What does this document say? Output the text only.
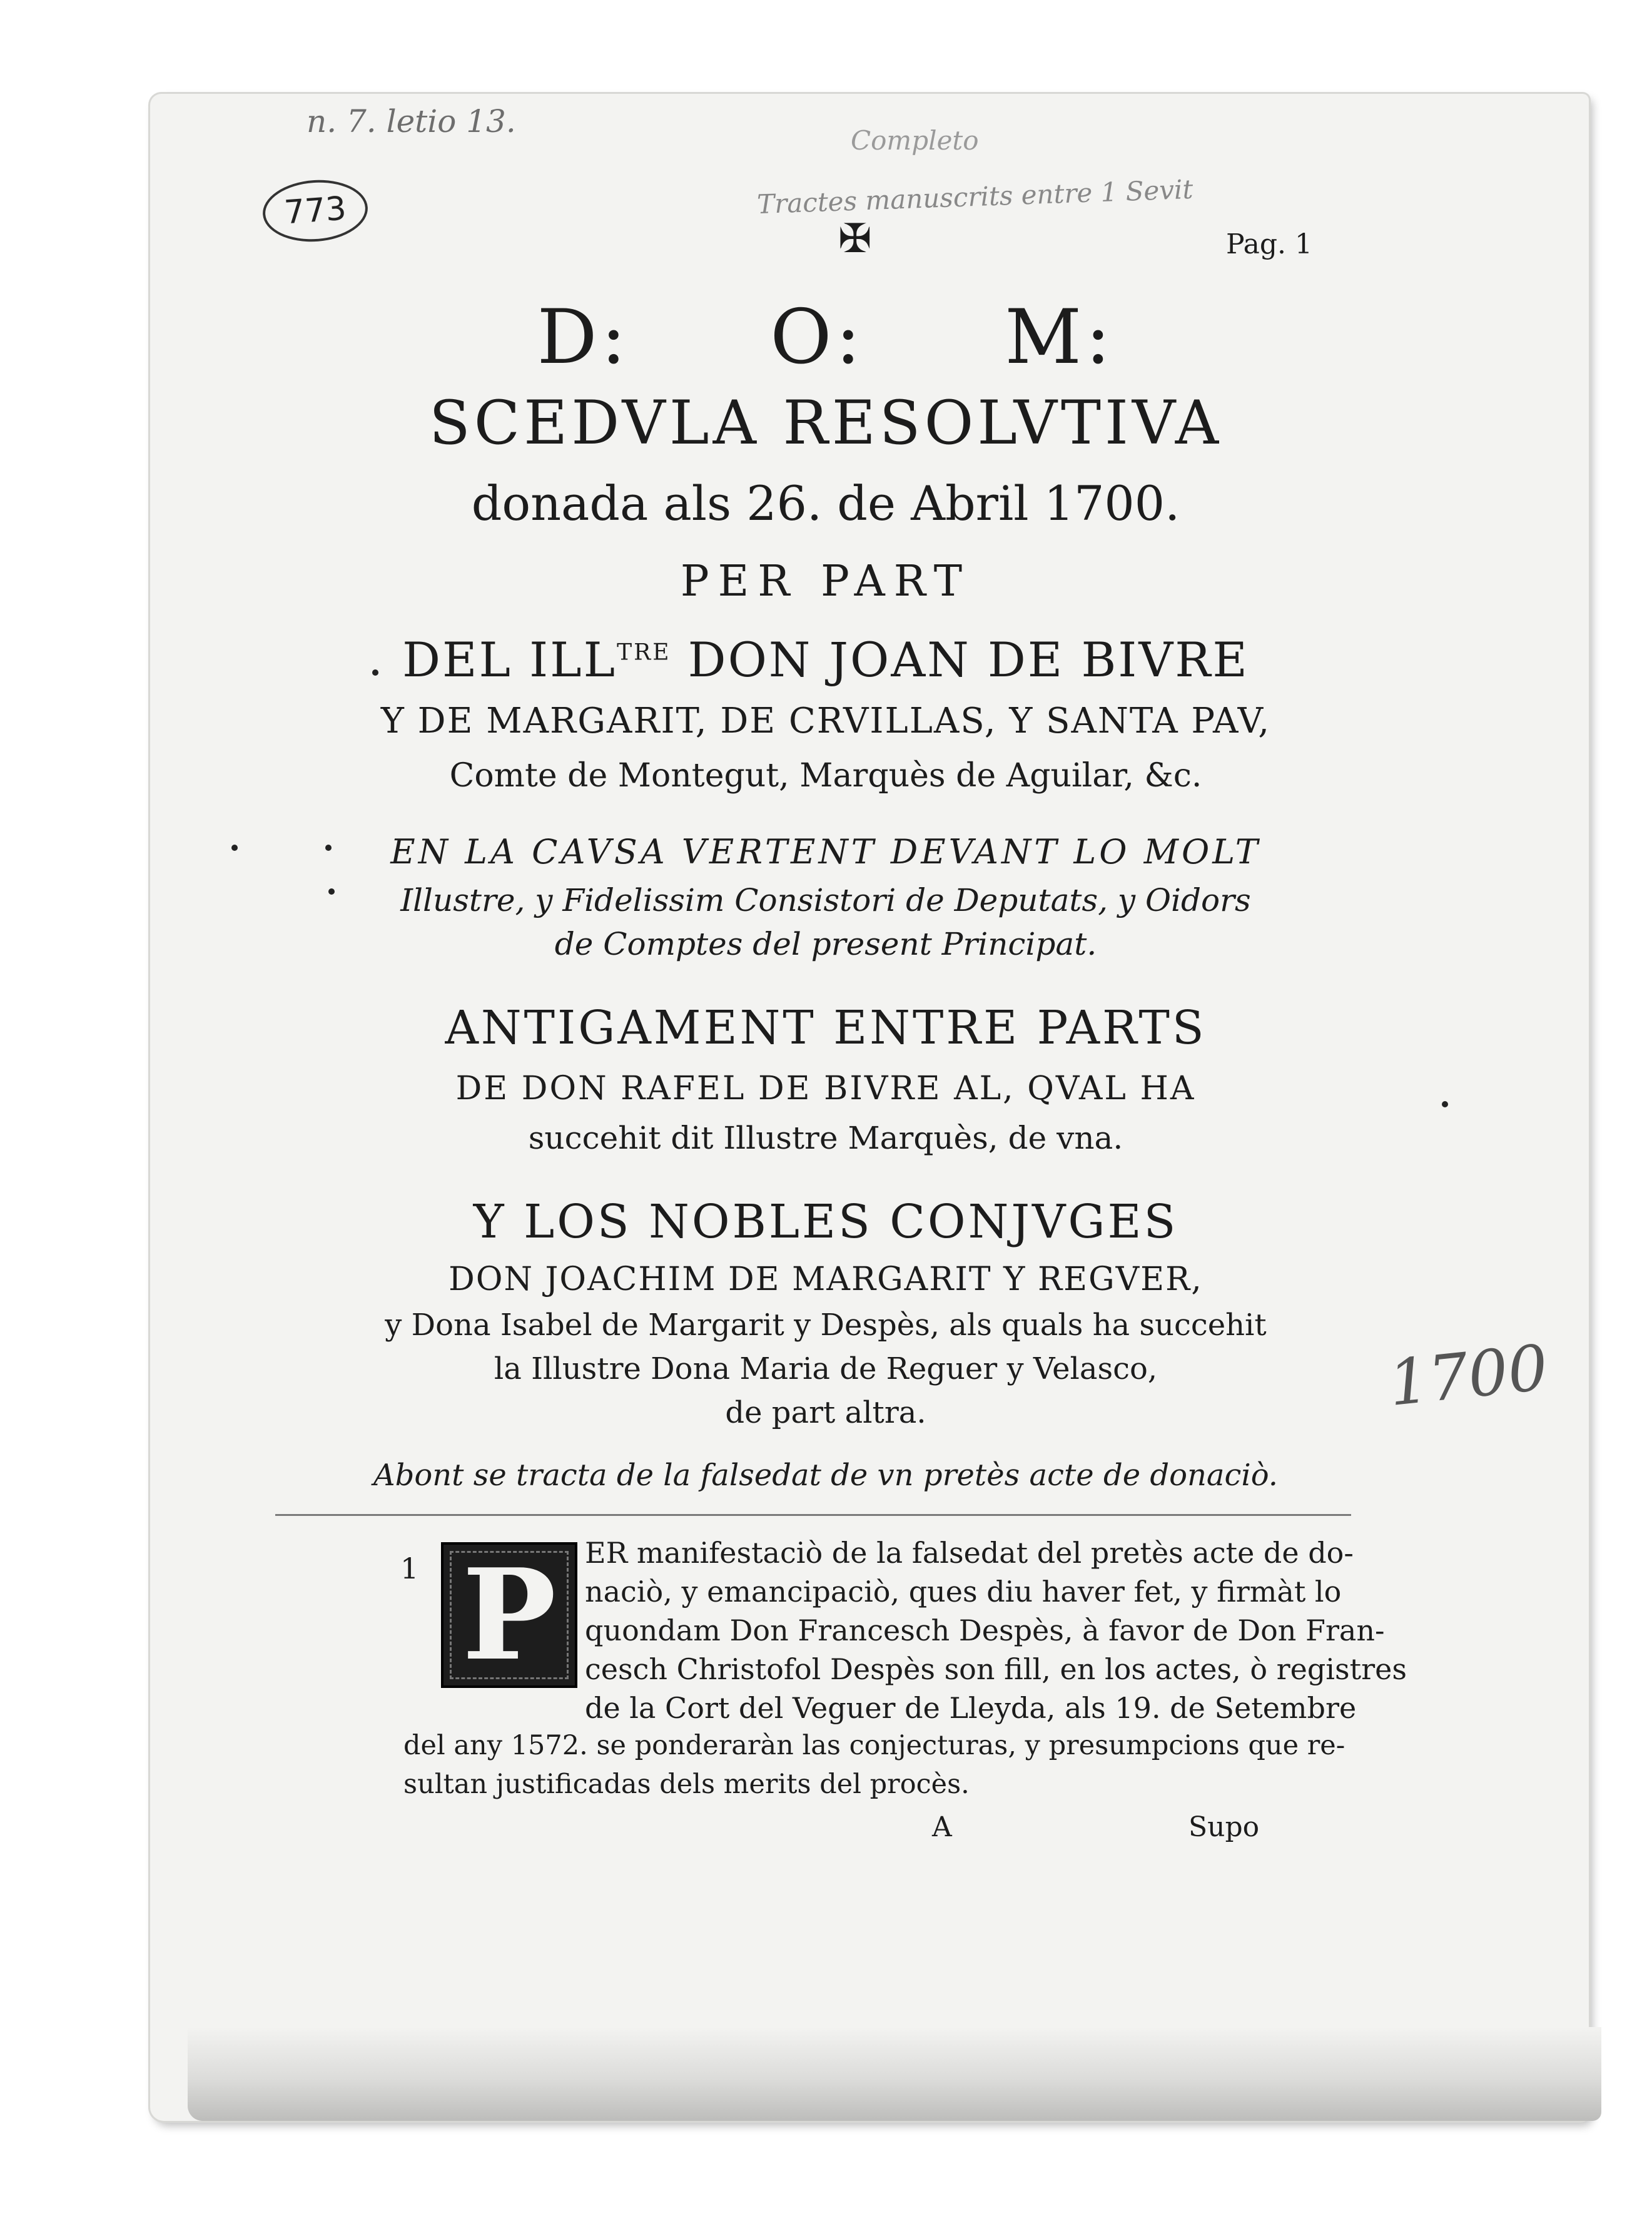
n. 7. letio 13.
Completo
Tractes manuscrits entre 1 Sevit
773
1700
✠	Pag. 1
D: O: M:
SCEDVLA RESOLVTIVA
donada als 26. de Abril 1700.
PER PART
DEL $ILL^{TRE}$ DON JOAN DE BIVRE
Y DE MARGARIT, DE CRVILLAS, Y SANTA PAV,
Comte de Montegut, Marquès de Aguilar, &c.
EN LA CAVSA VERTENT DEVANT LO MOLT
Illustre, y Fidelissim Consistori de Deputats, y Oidors
de Comptes del present Principat.
ANTIGAMENT ENTRE PARTS
DE DON RAFEL DE BIVRE AL, QVAL HA
succehit dit Illustre Marquès, de vna.
Y LOS NOBLES CONJVGES
DON JOACHIM DE MARGARIT Y REGVER,
y Dona Isabel de Margarit y Despès, als quals ha succehit
la Illustre Dona Maria de Reguer y Velasco,
de part altra.
Abont se tracta de la falsedat de vn pretès acte de donaciò.
1 P ER manifestaciò de la falsedat del pretès acte de do-
naciò, y emancipaciò, ques diu haver fet, y firmàt lo
quondam Don Francesch Despès, à favor de Don Fran-
cesch Christofol Despès son fill, en los actes, ò registres
de la Cort del Veguer de Lleyda, als 19. de Setembre
del any 1572. se ponderaràn las conjecturas, y presumpcions que re-
sultan justificadas dels merits del procès.
A	Supo
